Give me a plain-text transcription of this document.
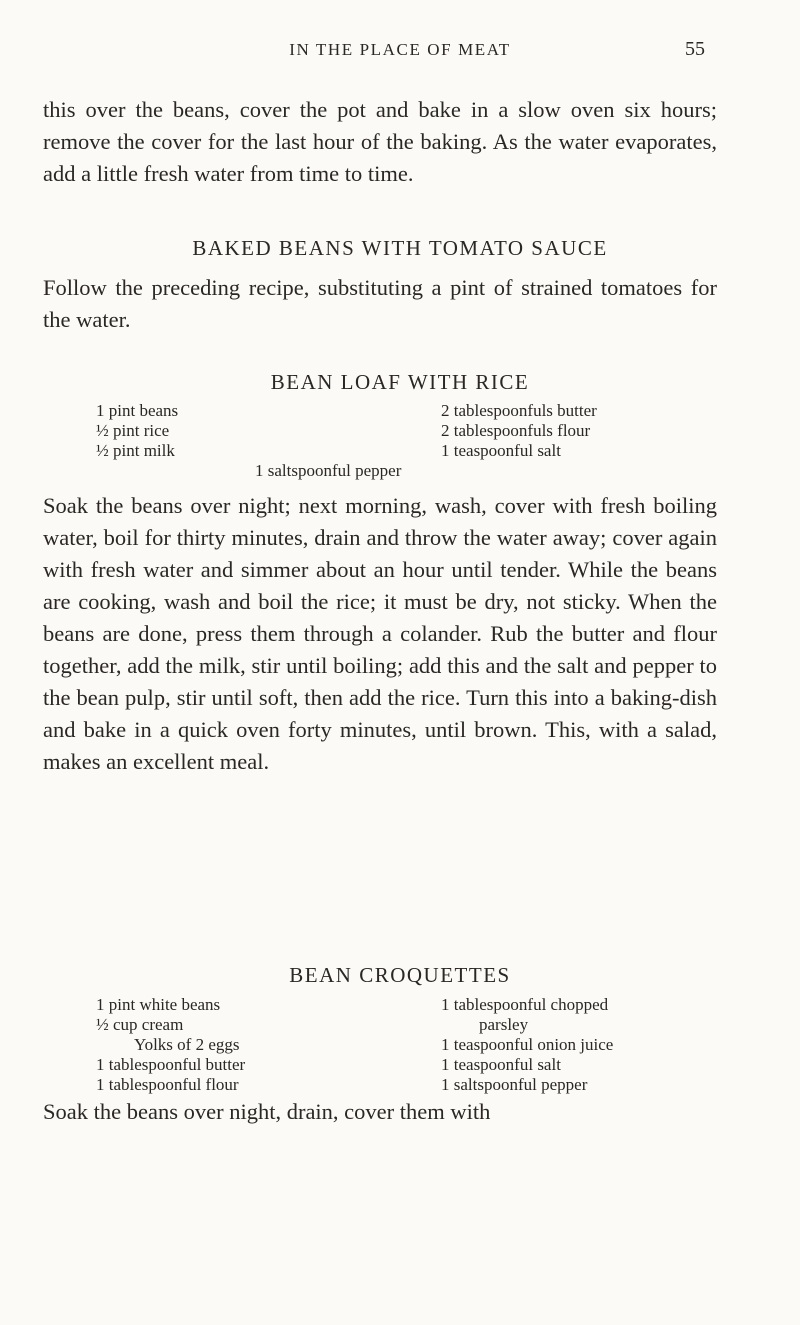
IN THE PLACE OF MEAT	55

this over the beans, cover the pot and bake in a slow oven six hours; remove the cover for the last hour of the baking. As the water evaporates, add a little fresh water from time to time.

BAKED BEANS WITH TOMATO SAUCE

Follow the preceding recipe, substituting a pint of strained tomatoes for the water.

BEAN LOAF WITH RICE
1 pint beans
½ pint rice
½ pint milk
2 tablespoonfuls butter
2 tablespoonfuls flour
1 teaspoonful salt
1 saltspoonful pepper

Soak the beans over night; next morning, wash, cover with fresh boiling water, boil for thirty minutes, drain and throw the water away; cover again with fresh water and simmer about an hour until tender. While the beans are cooking, wash and boil the rice; it must be dry, not sticky. When the beans are done, press them through a colander. Rub the butter and flour together, add the milk, stir until boiling; add this and the salt and pepper to the bean pulp, stir until soft, then add the rice. Turn this into a baking-dish and bake in a quick oven forty minutes, until brown. This, with a salad, makes an excellent meal.

BEAN CROQUETTES
1 pint white beans
½ cup cream
Yolks of 2 eggs
1 tablespoonful butter
1 tablespoonful flour
1 tablespoonful chopped
parsley
1 teaspoonful onion juice
1 teaspoonful salt
1 saltspoonful pepper

Soak the beans over night, drain, cover them with
